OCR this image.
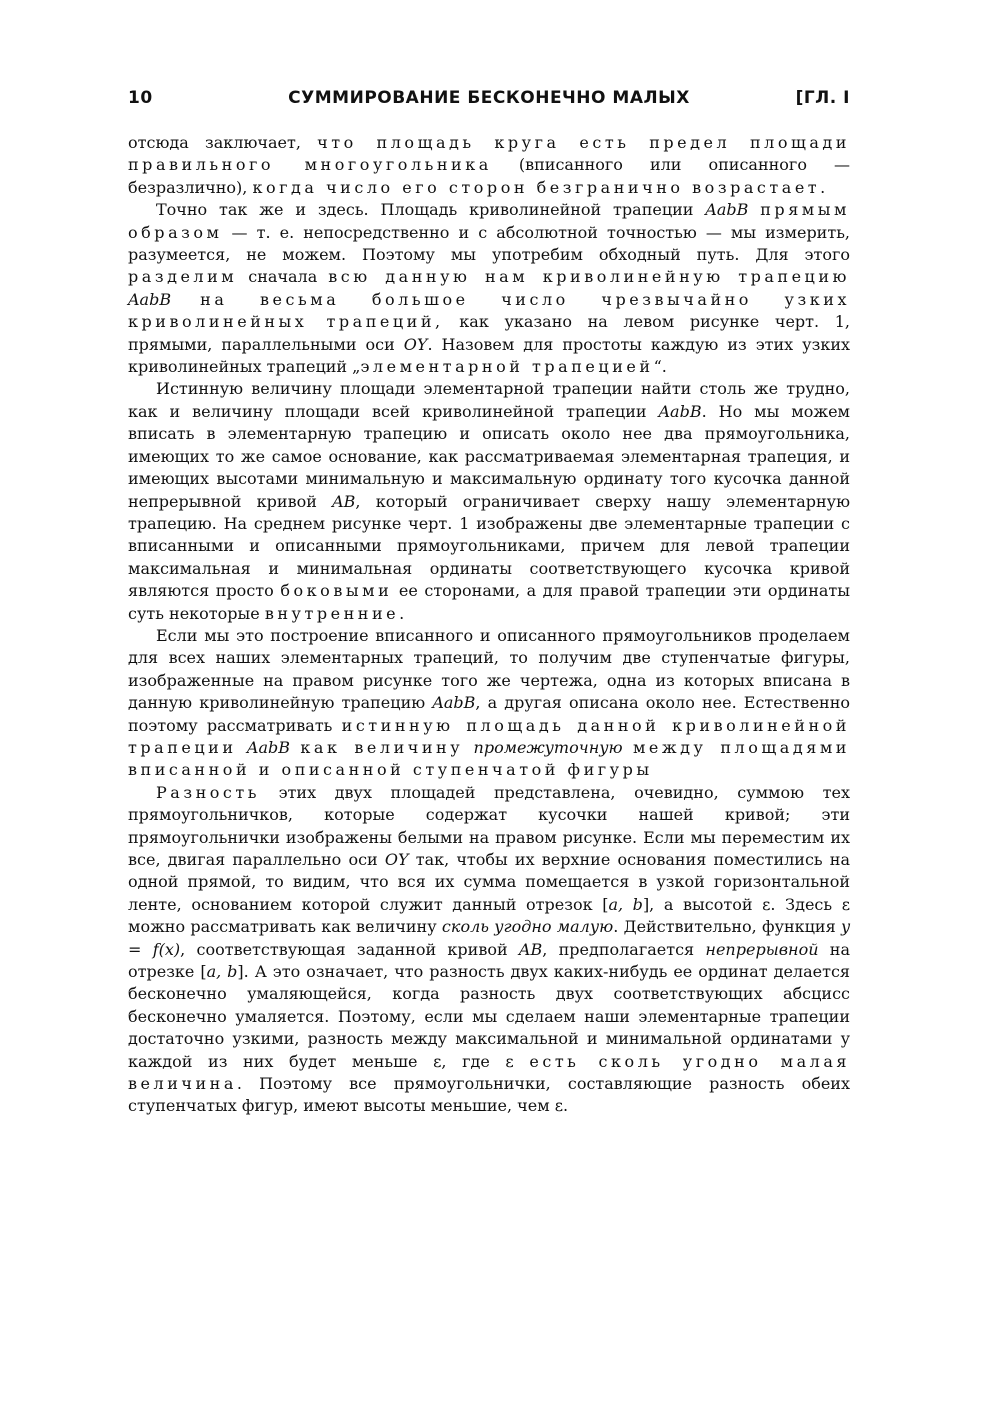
10	СУММИРОВАНИЕ БЕСКОНЕЧНО МАЛЫХ	[ГЛ. I

отсюда заключает, что площадь круга есть предел площади правильного многоугольника (вписанного или описанного — безразлично), когда число его сторон безгранично возрастает.

Точно так же и здесь. Площадь криволинейной трапеции AabB прямым образом — т. е. непосредственно и с абсолютной точностью — мы измерить, разумеется, не можем. Поэтому мы употребим обходный путь. Для этого разделим сначала всю данную нам криволинейную трапецию AabB на весьма большое число чрезвычайно узких криволинейных трапеций, как указано на левом рисунке черт. 1, прямыми, параллельными оси OY. Назовем для простоты каждую из этих узких криволинейных трапеций „элементарной трапецией“.

Истинную величину площади элементарной трапеции найти столь же трудно, как и величину площади всей криволинейной трапеции AabB. Но мы можем вписать в элементарную трапецию и описать около нее два прямоугольника, имеющих то же самое основание, как рассматриваемая элементарная трапеция, и имеющих высотами минимальную и максимальную ординату того кусочка данной непрерывной кривой AB, который ограничивает сверху нашу элементарную трапецию. На среднем рисунке черт. 1 изображены две элементарные трапеции с вписанными и описанными прямоугольниками, причем для левой трапеции максимальная и минимальная ординаты соответствующего кусочка кривой являются просто боковыми ее сторонами, а для правой трапеции эти ординаты суть некоторые внутренние.

Если мы это построение вписанного и описанного прямоугольников проделаем для всех наших элементарных трапеций, то получим две ступенчатые фигуры, изображенные на правом рисунке того же чертежа, одна из которых вписана в данную криволинейную трапецию AabB, а другая описана около нее. Естественно поэтому рассматривать истинную площадь данной криволинейной трапеции AabB как величину промежуточную между площадями вписанной и описанной ступенчатой фигуры

Разность этих двух площадей представлена, очевидно, суммою тех прямоугольничков, которые содержат кусочки нашей кривой; эти прямоугольнички изображены белыми на правом рисунке. Если мы переместим их все, двигая параллельно оси OY так, чтобы их верхние основания поместились на одной прямой, то видим, что вся их сумма помещается в узкой горизонтальной ленте, основанием которой служит данный отрезок [a, b], а высотой ε. Здесь ε можно рассматривать как величину сколь угодно малую. Действительно, функция y = f(x), соответствующая заданной кривой AB, предполагается непрерывной на отрезке [a, b]. А это означает, что разность двух каких-нибудь ее ординат делается бесконечно умаляющейся, когда разность двух соответствующих абсцисс бесконечно умаляется. Поэтому, если мы сделаем наши элементарные трапеции достаточно узкими, разность между максимальной и минимальной ординатами у каждой из них будет меньше ε, где ε есть сколь угодно малая величина. Поэтому все прямоугольнички, составляющие разность обеих ступенчатых фигур, имеют высоты меньшие, чем ε.
